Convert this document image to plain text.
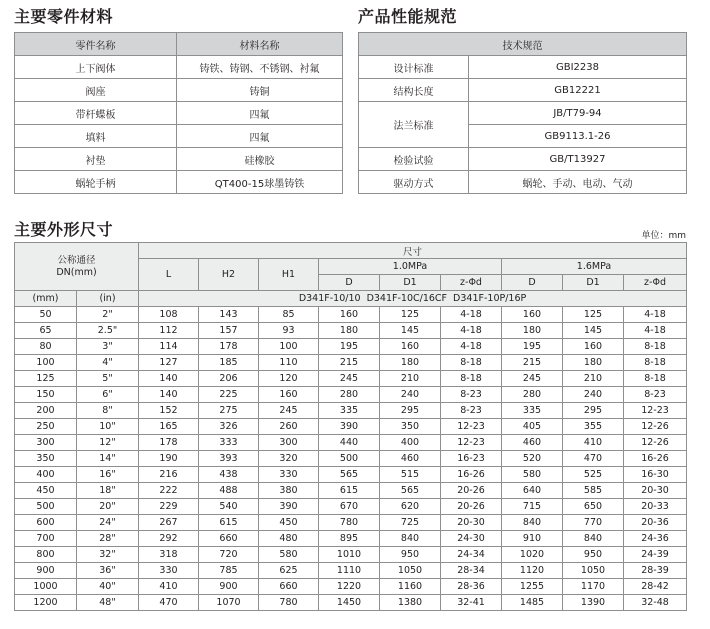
主要零件材料
零件名称	材料名称
上下阀体	铸铁、铸钢、不锈钢、衬氟
阀座	铸铜
带杆蝶板	四氟
填料	四氟
衬垫	硅橡胶
蜗轮手柄	QT400-15球墨铸铁
产品性能规范
技术规范	
设计标准	GBI2238
结构长度	GB12221
法兰标准	JB/T79-94
	GB9113.1-26
检验试验	GB/T13927
驱动方式	蜗轮、手动、电动、气动
主要外形尺寸	单位：mm
公称通径
DN(mm)		尺寸								
		L	H2	H1	1.0MPa			1.6MPa		
					D	D1	z-Φd	D	D1	z-Φd
(mm)	(in)	D341F-10/10  D341F-10C/16CF  D341F-10P/16P								
50	2"	108	143	85	160	125	4-18	160	125	4-18
65	2.5"	112	157	93	180	145	4-18	180	145	4-18
80	3"	114	178	100	195	160	4-18	195	160	8-18
100	4"	127	185	110	215	180	8-18	215	180	8-18
125	5"	140	206	120	245	210	8-18	245	210	8-18
150	6"	140	225	160	280	240	8-23	280	240	8-23
200	8"	152	275	245	335	295	8-23	335	295	12-23
250	10"	165	326	260	390	350	12-23	405	355	12-26
300	12"	178	333	300	440	400	12-23	460	410	12-26
350	14"	190	393	320	500	460	16-23	520	470	16-26
400	16"	216	438	330	565	515	16-26	580	525	16-30
450	18"	222	488	380	615	565	20-26	640	585	20-30
500	20"	229	540	390	670	620	20-26	715	650	20-33
600	24"	267	615	450	780	725	20-30	840	770	20-36
700	28"	292	660	480	895	840	24-30	910	840	24-36
800	32"	318	720	580	1010	950	24-34	1020	950	24-39
900	36"	330	785	625	1110	1050	28-34	1120	1050	28-39
1000	40"	410	900	660	1220	1160	28-36	1255	1170	28-42
1200	48"	470	1070	780	1450	1380	32-41	1485	1390	32-48
